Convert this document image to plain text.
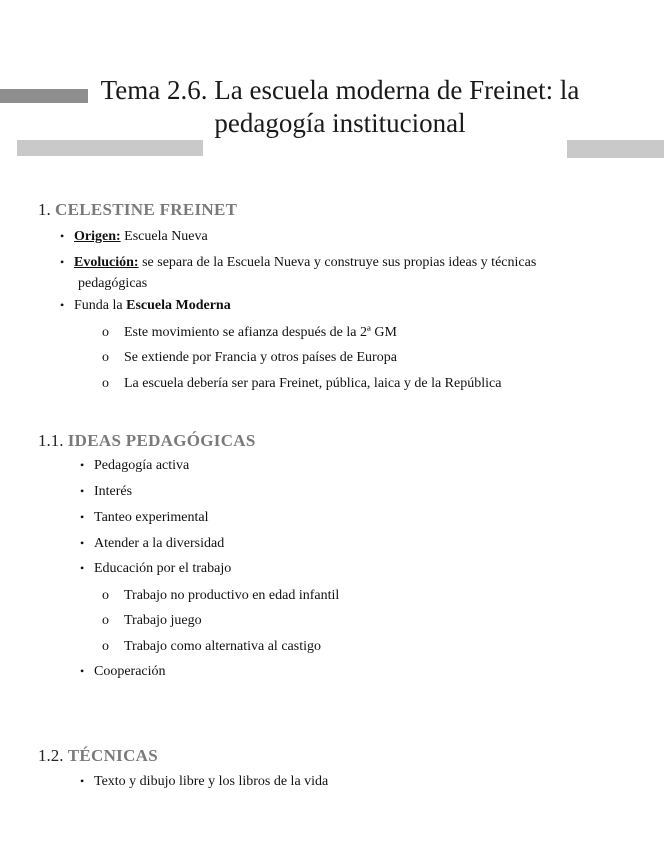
Tema 2.6. La escuela moderna de Freinet: la
pedagogía institucional
1. CELESTINE FREINET
• Origen: Escuela Nueva
• Evolución: se separa de la Escuela Nueva y construye sus propias ideas y técnicas
pedagógicas
• Funda la Escuela Moderna
o Este movimiento se afianza después de la 2ª GM
o Se extiende por Francia y otros países de Europa
o La escuela debería ser para Freinet, pública, laica y de la República
1.1. IDEAS PEDAGÓGICAS
• Pedagogía activa
• Interés
• Tanteo experimental
• Atender a la diversidad
• Educación por el trabajo
o Trabajo no productivo en edad infantil
o Trabajo juego
o Trabajo como alternativa al castigo
• Cooperación
1.2. TÉCNICAS
• Texto y dibujo libre y los libros de la vida
